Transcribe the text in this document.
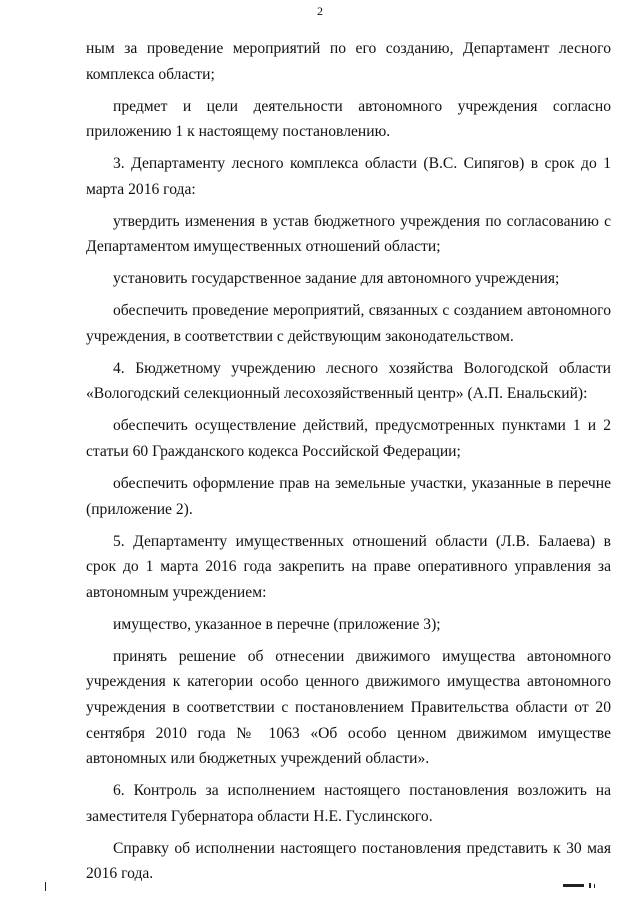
2

ным за проведение мероприятий по его созданию, Департамент лесного комплекса области;

предмет и цели деятельности автономного учреждения согласно приложению 1 к настоящему постановлению.

3. Департаменту лесного комплекса области (В.С. Сипягов) в срок до 1 марта 2016 года:

утвердить изменения в устав бюджетного учреждения по согласованию с Департаментом имущественных отношений области;

установить государственное задание для автономного учреждения;

обеспечить проведение мероприятий, связанных с созданием автономного учреждения, в соответствии с действующим законодательством.

4. Бюджетному учреждению лесного хозяйства Вологодской области «Вологодский селекционный лесохозяйственный центр» (А.П. Енальский):

обеспечить осуществление действий, предусмотренных пунктами 1 и 2 статьи 60 Гражданского кодекса Российской Федерации;

обеспечить оформление прав на земельные участки, указанные в перечне (приложение 2).

5. Департаменту имущественных отношений области (Л.В. Балаева) в срок до 1 марта 2016 года закрепить на праве оперативного управления за автономным учреждением:

имущество, указанное в перечне (приложение 3);

принять решение об отнесении движимого имущества автономного учреждения к категории особо ценного движимого имущества автономного учреждения в соответствии с постановлением Правительства области от 20 сентября 2010 года № 1063 «Об особо ценном движимом имуществе автономных или бюджетных учреждений области».

6. Контроль за исполнением настоящего постановления возложить на заместителя Губернатора области Н.Е. Гуслинского.

Справку об исполнении настоящего постановления представить к 30 мая 2016 года.
